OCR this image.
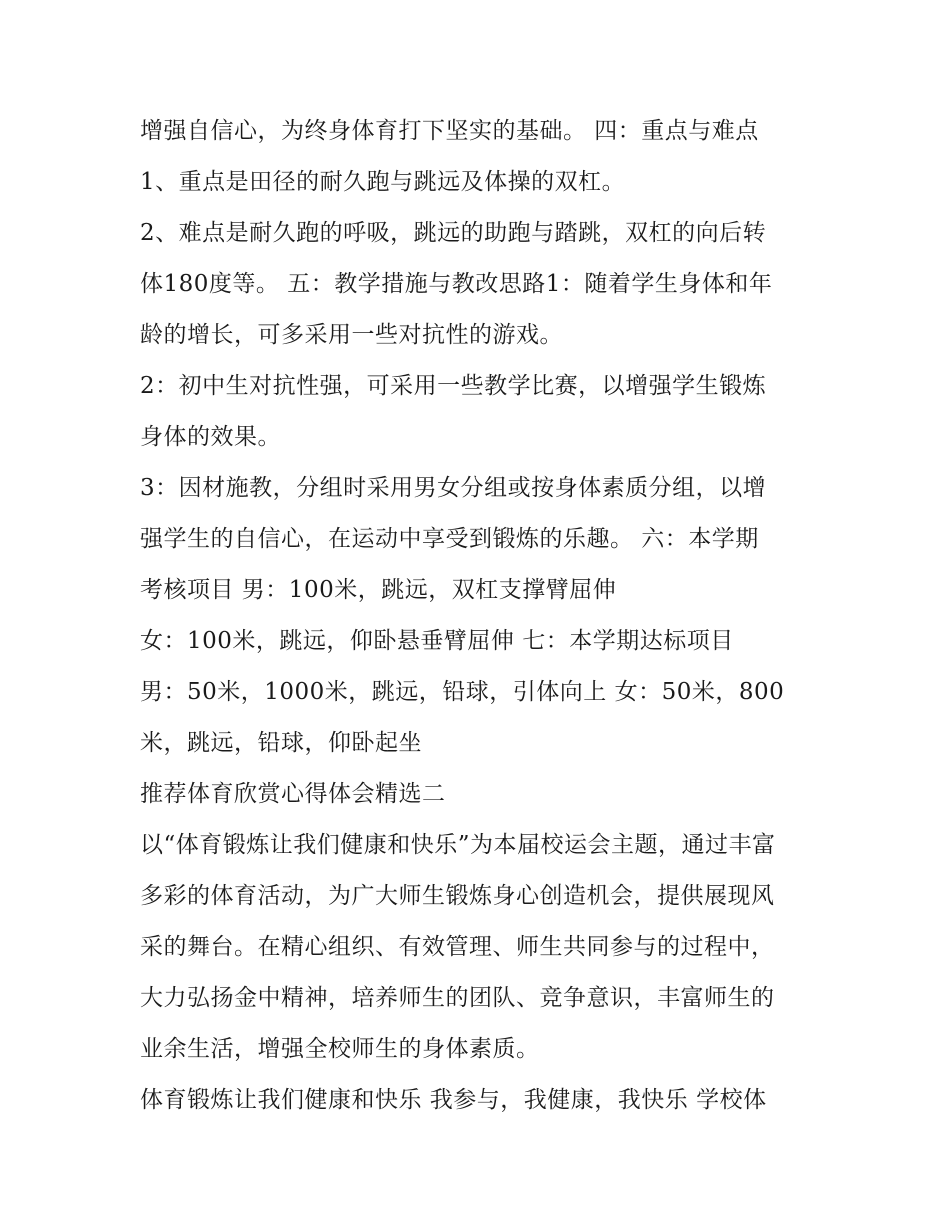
增强自信心，为终身体育打下坚实的基础。 四：重点与难点
1、重点是田径的耐久跑与跳远及体操的双杠。
2、难点是耐久跑的呼吸，跳远的助跑与踏跳，双杠的向后转
体180度等。 五：教学措施与教改思路1：随着学生身体和年
龄的增长，可多采用一些对抗性的游戏。
2：初中生对抗性强，可采用一些教学比赛，以增强学生锻炼
身体的效果。
3：因材施教，分组时采用男女分组或按身体素质分组，以增
强学生的自信心，在运动中享受到锻炼的乐趣。 六：本学期
考核项目 男：100米，跳远，双杠支撑臂屈伸
女：100米，跳远，仰卧悬垂臂屈伸 七：本学期达标项目
男：50米，1000米，跳远，铅球，引体向上 女：50米，800
米，跳远，铅球，仰卧起坐
推荐体育欣赏心得体会精选二
以“体育锻炼让我们健康和快乐”为本届校运会主题，通过丰富
多彩的体育活动，为广大师生锻炼身心创造机会，提供展现风
采的舞台。在精心组织、有效管理、师生共同参与的过程中，
大力弘扬金中精神，培养师生的团队、竞争意识，丰富师生的
业余生活，增强全校师生的身体素质。
体育锻炼让我们健康和快乐 我参与，我健康，我快乐 学校体
